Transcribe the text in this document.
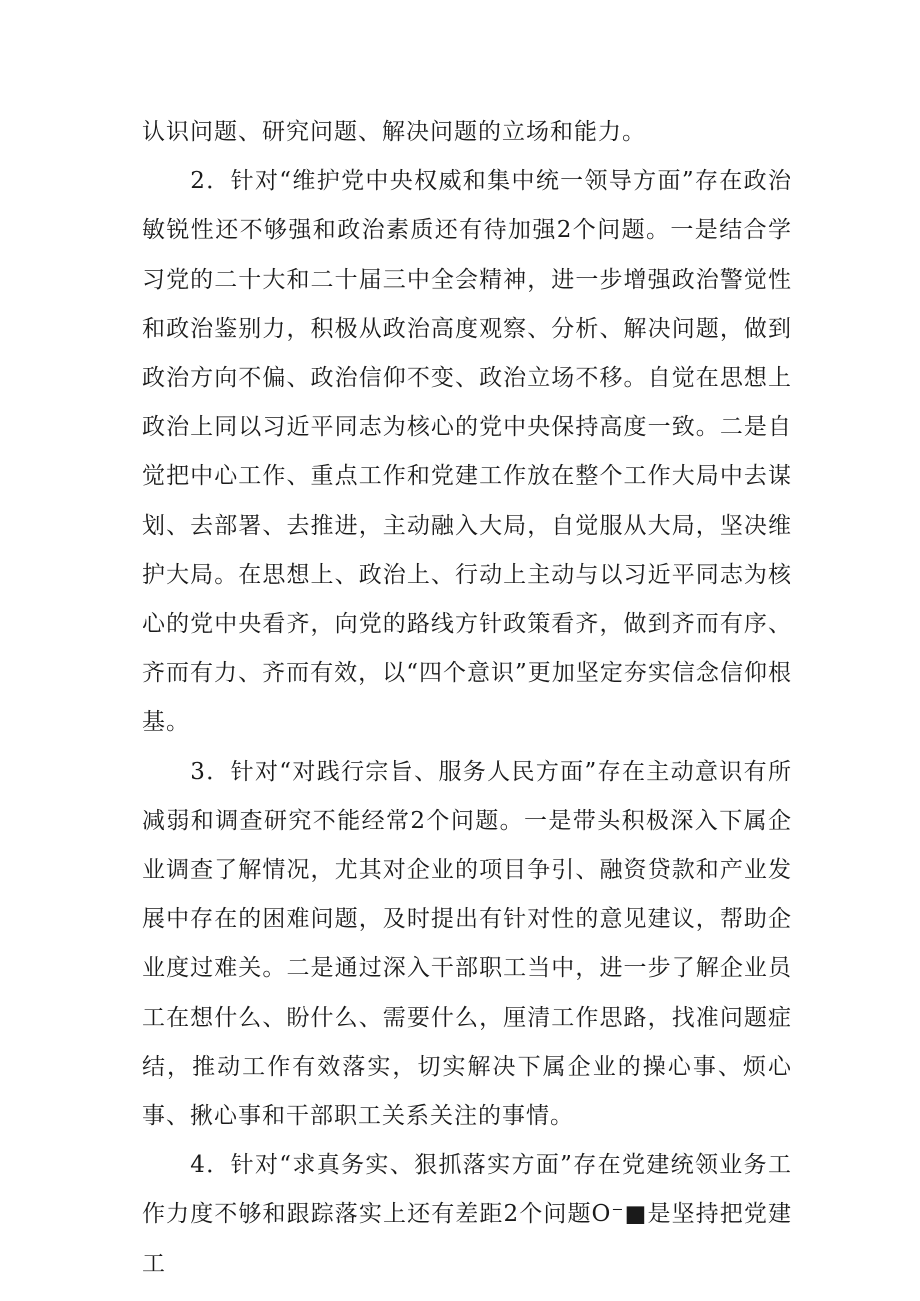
认识问题、研究问题、解决问题的立场和能力。

2．针对“维护党中央权威和集中统一领导方面”存在政治敏锐性还不够强和政治素质还有待加强2个问题。一是结合学习党的二十大和二十届三中全会精神，进一步增强政治警觉性和政治鉴别力，积极从政治高度观察、分析、解决问题，做到政治方向不偏、政治信仰不变、政治立场不移。自觉在思想上政治上同以习近平同志为核心的党中央保持高度一致。二是自觉把中心工作、重点工作和党建工作放在整个工作大局中去谋划、去部署、去推进，主动融入大局，自觉服从大局，坚决维护大局。在思想上、政治上、行动上主动与以习近平同志为核心的党中央看齐，向党的路线方针政策看齐，做到齐而有序、齐而有力、齐而有效，以“四个意识”更加坚定夯实信念信仰根基。

3．针对“对践行宗旨、服务人民方面”存在主动意识有所减弱和调查研究不能经常2个问题。一是带头积极深入下属企业调查了解情况，尤其对企业的项目争引、融资贷款和产业发展中存在的困难问题，及时提出有针对性的意见建议，帮助企业度过难关。二是通过深入干部职工当中，进一步了解企业员工在想什么、盼什么、需要什么，厘清工作思路，找准问题症结，推动工作有效落实，切实解决下属企业的操心事、烦心事、揪心事和干部职工关系关注的事情。

4．针对“求真务实、狠抓落实方面”存在党建统领业务工作力度不够和跟踪落实上还有差距2个问题O⁻■是坚持把党建工
